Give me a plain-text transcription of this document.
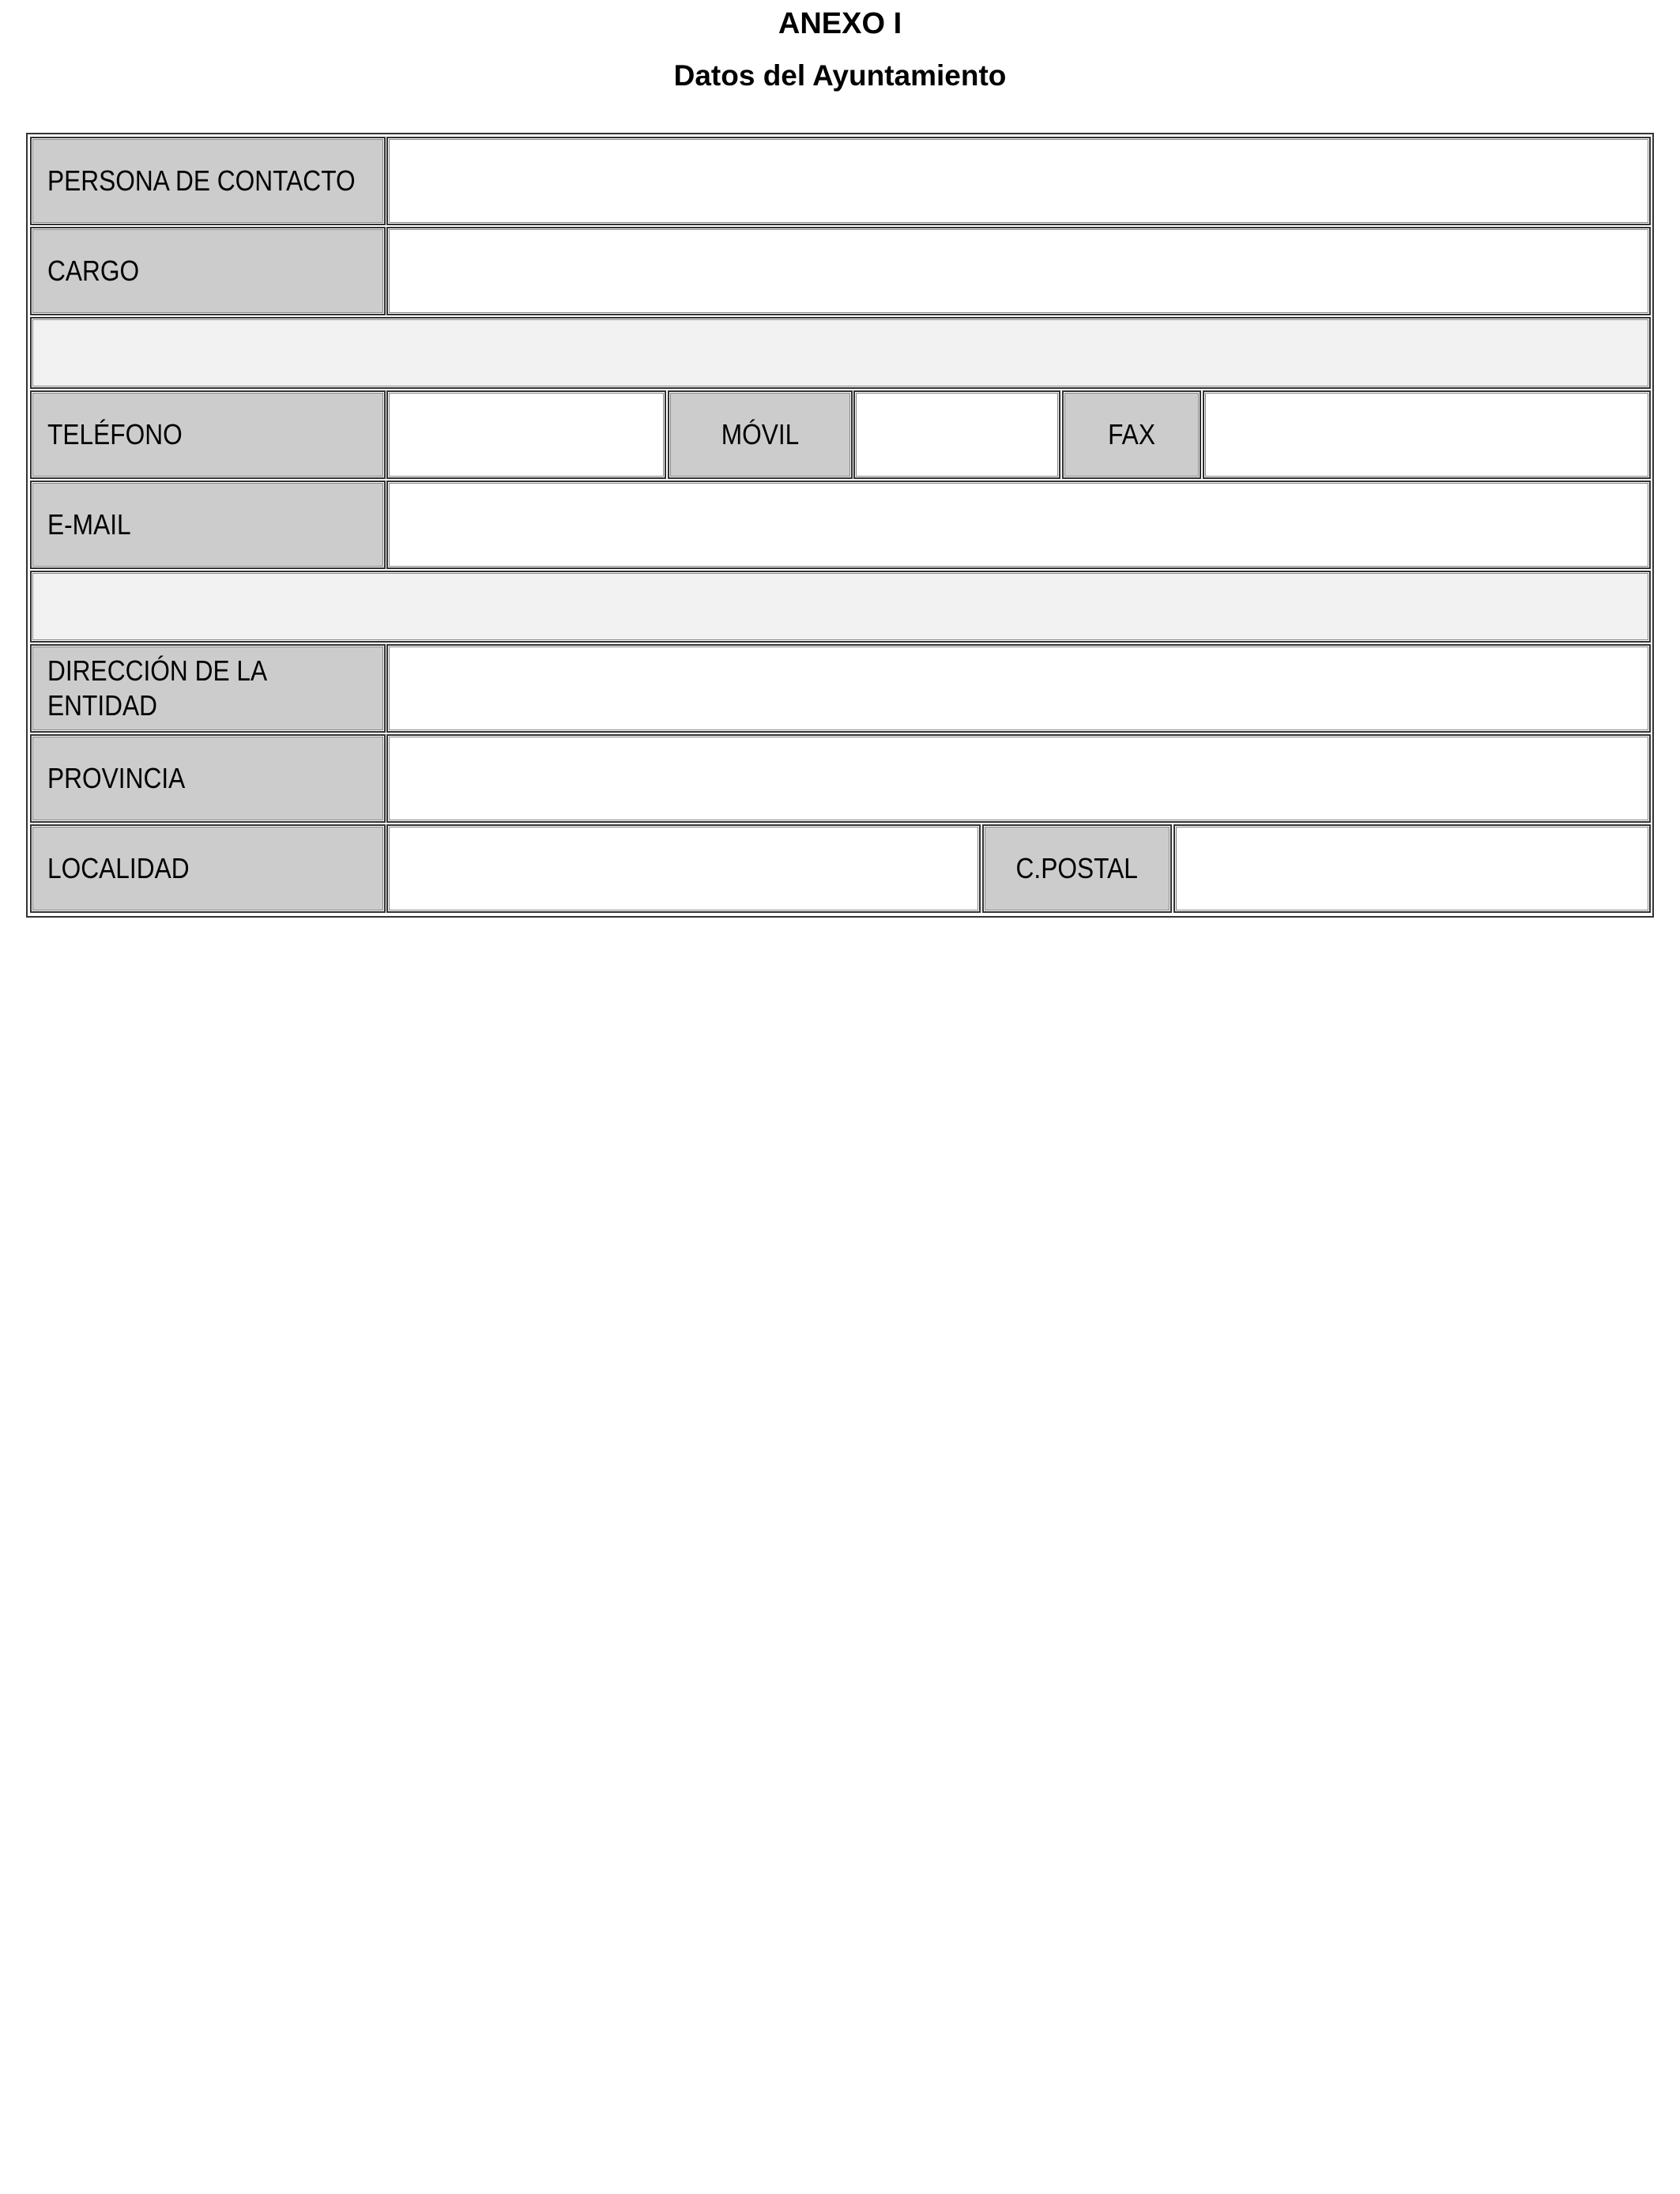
ANEXO I
Datos del Ayuntamiento
PERSONA DE CONTACTO
CARGO
TELÉFONO	MÓVIL	FAX
E-MAIL
DIRECCIÓN DE LA ENTIDAD
PROVINCIA
LOCALIDAD	C.POSTAL
